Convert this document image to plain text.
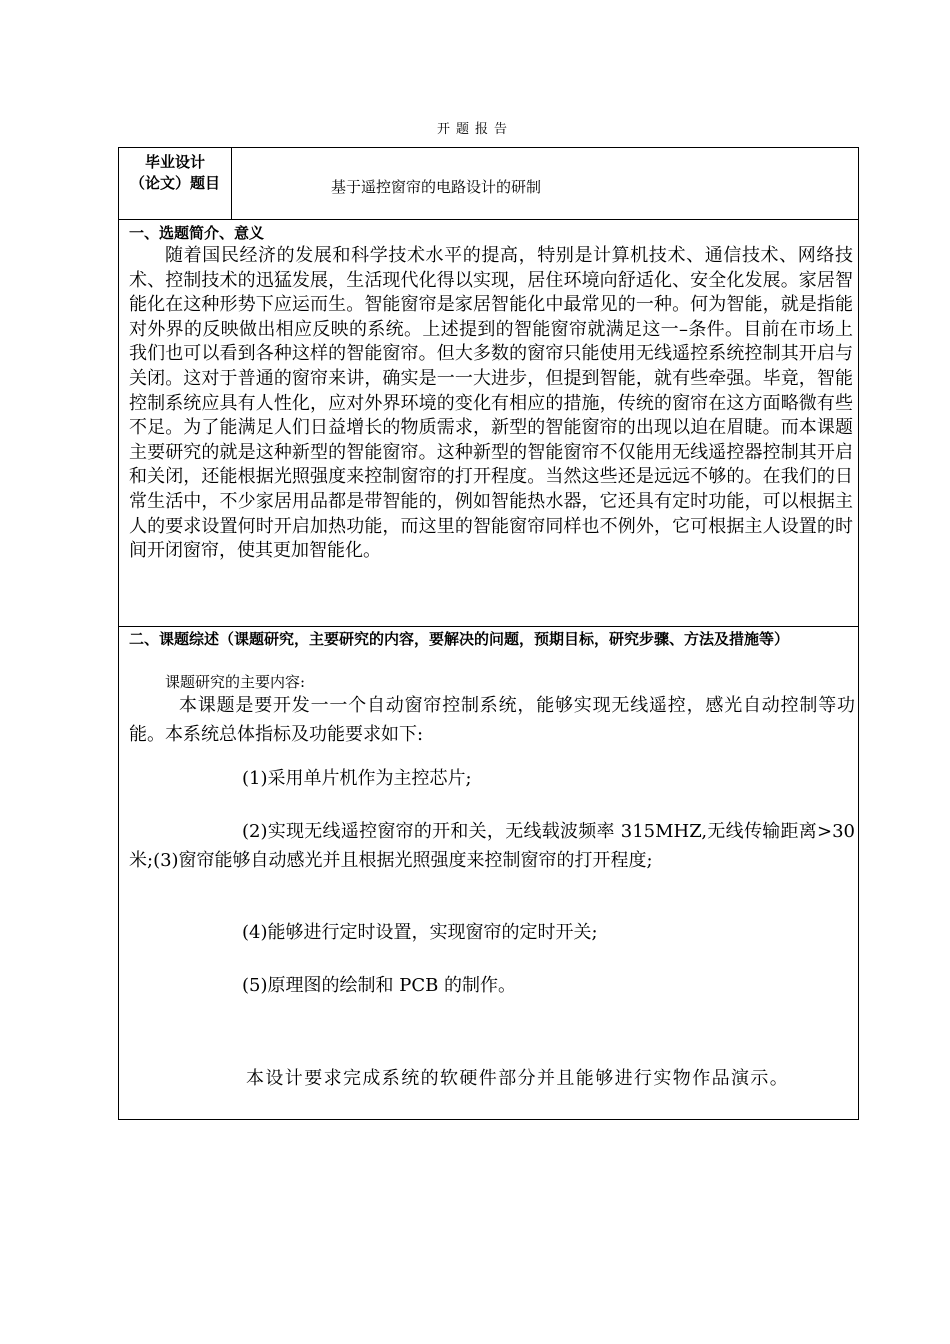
开题报告
毕业设计
（论文）题目	基于遥控窗帘的电路设计的研制
一、选题简介、意义
随着国民经济的发展和科学技术水平的提高，特别是计算机技术、通信技术、网络技术、控制技术的迅猛发展，生活现代化得以实现，居住环境向舒适化、安全化发展。家居智能化在这种形势下应运而生。智能窗帘是家居智能化中最常见的一种。何为智能，就是指能对外界的反映做出相应反映的系统。上述提到的智能窗帘就满足这一–条件。目前在市场上我们也可以看到各种这样的智能窗帘。但大多数的窗帘只能使用无线遥控系统控制其开启与关闭。这对于普通的窗帘来讲，确实是一一大进步，但提到智能，就有些牵强。毕竟，智能控制系统应具有人性化，应对外界环境的变化有相应的措施，传统的窗帘在这方面略微有些不足。为了能满足人们日益增长的物质需求，新型的智能窗帘的出现以迫在眉睫。而本课题主要研究的就是这种新型的智能窗帘。这种新型的智能窗帘不仅能用无线遥控器控制其开启和关闭，还能根据光照强度来控制窗帘的打开程度。当然这些还是远远不够的。在我们的日常生活中，不少家居用品都是带智能的，例如智能热水器，它还具有定时功能，可以根据主人的要求设置何时开启加热功能，而这里的智能窗帘同样也不例外，它可根据主人设置的时间开闭窗帘，使其更加智能化。
二、课题综述（课题研究，主要研究的内容，要解决的问题，预期目标，研究步骤、方法及措施等）
课题研究的主要内容:
本课题是要开发一一个自动窗帘控制系统，能够实现无线遥控，感光自动控制等功能。本系统总体指标及功能要求如下:
(1)采用单片机作为主控芯片;
(2)实现无线遥控窗帘的开和关，无线载波频率 315MHZ,无线传输距离>30 米;(3)窗帘能够自动感光并且根据光照强度来控制窗帘的打开程度;
(4)能够进行定时设置，实现窗帘的定时开关;
(5)原理图的绘制和 PCB 的制作。
本设计要求完成系统的软硬件部分并且能够进行实物作品演示。
